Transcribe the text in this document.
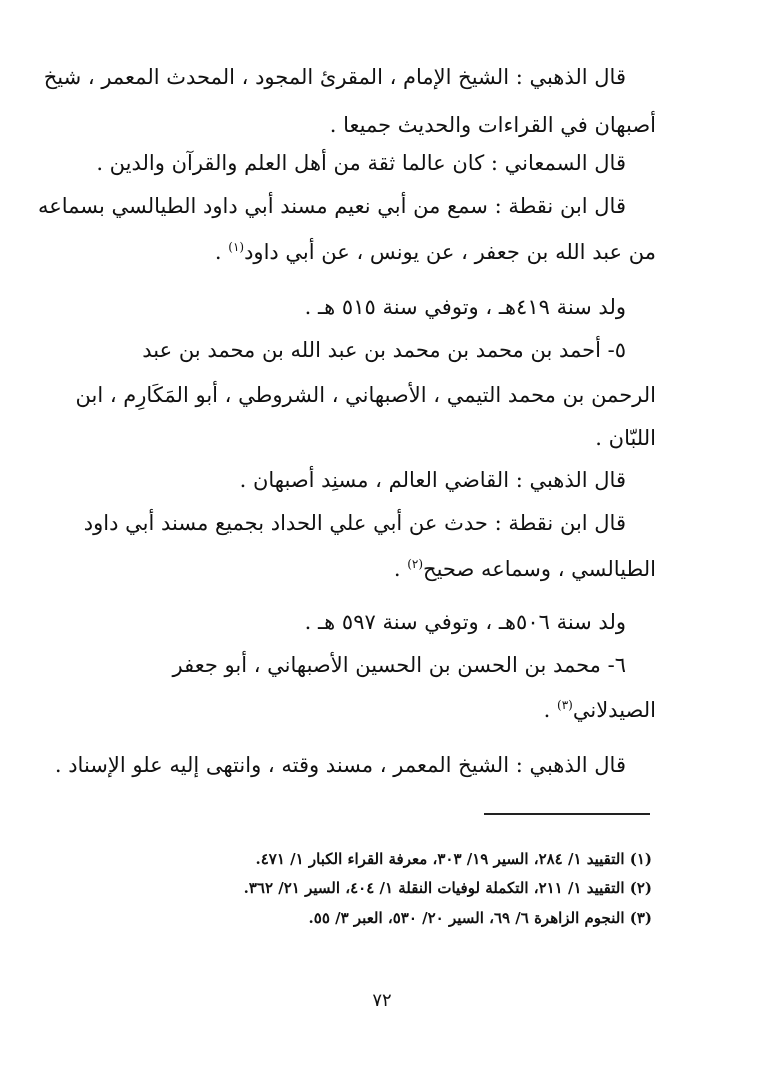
قال الذهبي : الشيخ الإمام ، المقرئ المجود ، المحدث المعمر ، شيخ
أصبهان في القراءات والحديث جميعا .
قال السمعاني : كان عالما ثقة من أهل العلم والقرآن والدين .
قال ابن نقطة : سمع من أبي نعيم مسند أبي داود الطيالسي بسماعه
من عبد الله بن جعفر ، عن يونس ، عن أبي داود$^{(١)}$ .
ولد سنة ٤١٩هـ ، وتوفي سنة ٥١٥ هـ .
٥- أحمد بن محمد بن محمد بن عبد الله بن محمد بن عبد
الرحمن بن محمد التيمي ، الأصبهاني ، الشروطي ، أبو المَكَارِم ، ابن
اللبّان .
قال الذهبي : القاضي العالم ، مسنِد أصبهان .
قال ابن نقطة : حدث عن أبي علي الحداد بجميع مسند أبي داود
الطيالسي ، وسماعه صحيح$^{(٢)}$ .
ولد سنة ٥٠٦هـ ، وتوفي سنة ٥٩٧ هـ .
٦- محمد بن الحسن بن الحسين الأصبهاني ، أبو جعفر
الصيدلاني$^{(٣)}$ .
قال الذهبي : الشيخ المعمر ، مسند وقته ، وانتهى إليه علو الإسناد .
(١) التقييد ١/ ٢٨٤، السير ١٩/ ٣٠٣، معرفة القراء الكبار ١/ ٤٧١.
(٢) التقييد ١/ ٢١١، التكملة لوفيات النقلة ١/ ٤٠٤، السير ٢١/ ٣٦٢.
(٣) النجوم الزاهرة ٦/ ٦٩، السير ٢٠/ ٥٣٠، العبر ٣/ ٥٥.
٧٢
